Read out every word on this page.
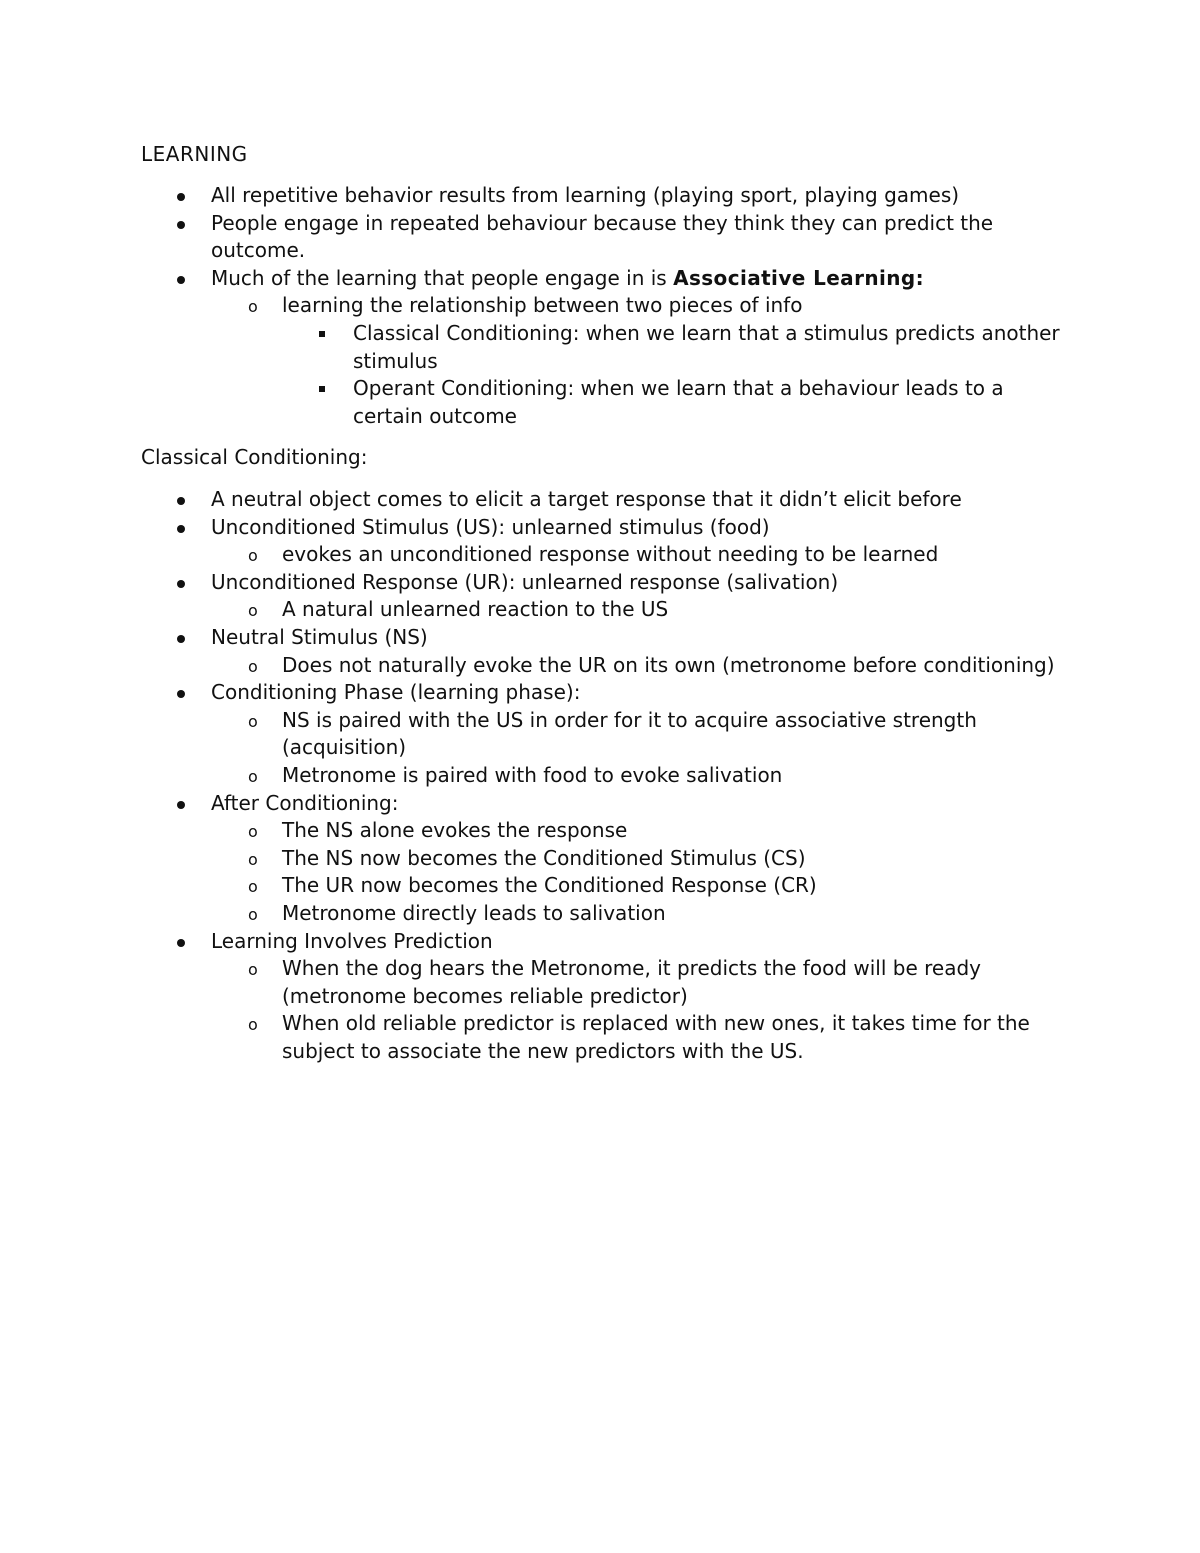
LEARNING
All repetitive behavior results from learning (playing sport, playing games)
People engage in repeated behaviour because they think they can predict the outcome.
Much of the learning that people engage in is Associative Learning:
o learning the relationship between two pieces of info
Classical Conditioning: when we learn that a stimulus predicts another stimulus
Operant Conditioning: when we learn that a behaviour leads to a certain outcome
Classical Conditioning:
A neutral object comes to elicit a target response that it didn’t elicit before
Unconditioned Stimulus (US): unlearned stimulus (food)
o evokes an unconditioned response without needing to be learned
Unconditioned Response (UR): unlearned response (salivation)
o A natural unlearned reaction to the US
Neutral Stimulus (NS)
o Does not naturally evoke the UR on its own (metronome before conditioning)
Conditioning Phase (learning phase):
o NS is paired with the US in order for it to acquire associative strength (acquisition)
o Metronome is paired with food to evoke salivation
After Conditioning:
o The NS alone evokes the response
o The NS now becomes the Conditioned Stimulus (CS)
o The UR now becomes the Conditioned Response (CR)
o Metronome directly leads to salivation
Learning Involves Prediction
o When the dog hears the Metronome, it predicts the food will be ready (metronome becomes reliable predictor)
o When old reliable predictor is replaced with new ones, it takes time for the subject to associate the new predictors with the US.
